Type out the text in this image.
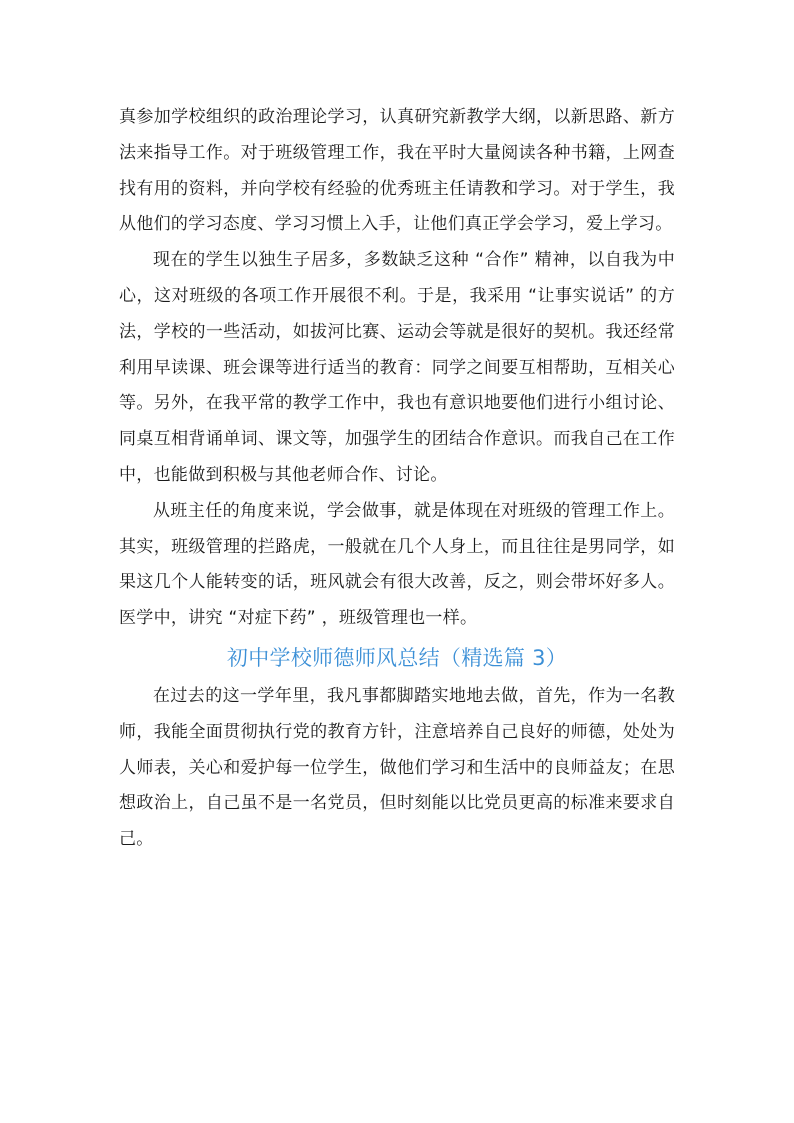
真参加学校组织的政治理论学习，认真研究新教学大纲，以新思路、新方法来指导工作。对于班级管理工作，我在平时大量阅读各种书籍，上网查找有用的资料，并向学校有经验的优秀班主任请教和学习。对于学生，我从他们的学习态度、学习习惯上入手，让他们真正学会学习，爱上学习。

现在的学生以独生子居多，多数缺乏这种 “合作” 精神，以自我为中心，这对班级的各项工作开展很不利。于是，我采用 “让事实说话” 的方法，学校的一些活动，如拔河比赛、运动会等就是很好的契机。我还经常利用早读课、班会课等进行适当的教育：同学之间要互相帮助，互相关心等。另外，在我平常的教学工作中，我也有意识地要他们进行小组讨论、同桌互相背诵单词、课文等，加强学生的团结合作意识。而我自己在工作中，也能做到积极与其他老师合作、讨论。

从班主任的角度来说，学会做事，就是体现在对班级的管理工作上。其实，班级管理的拦路虎，一般就在几个人身上，而且往往是男同学，如果这几个人能转变的话，班风就会有很大改善，反之，则会带坏好多人。医学中，讲究 “对症下药” ，班级管理也一样。

初中学校师德师风总结（精选篇 3）

在过去的这一学年里，我凡事都脚踏实地地去做，首先，作为一名教师，我能全面贯彻执行党的教育方针，注意培养自己良好的师德，处处为人师表，关心和爱护每一位学生，做他们学习和生活中的良师益友；在思想政治上，自己虽不是一名党员，但时刻能以比党员更高的标准来要求自己。
